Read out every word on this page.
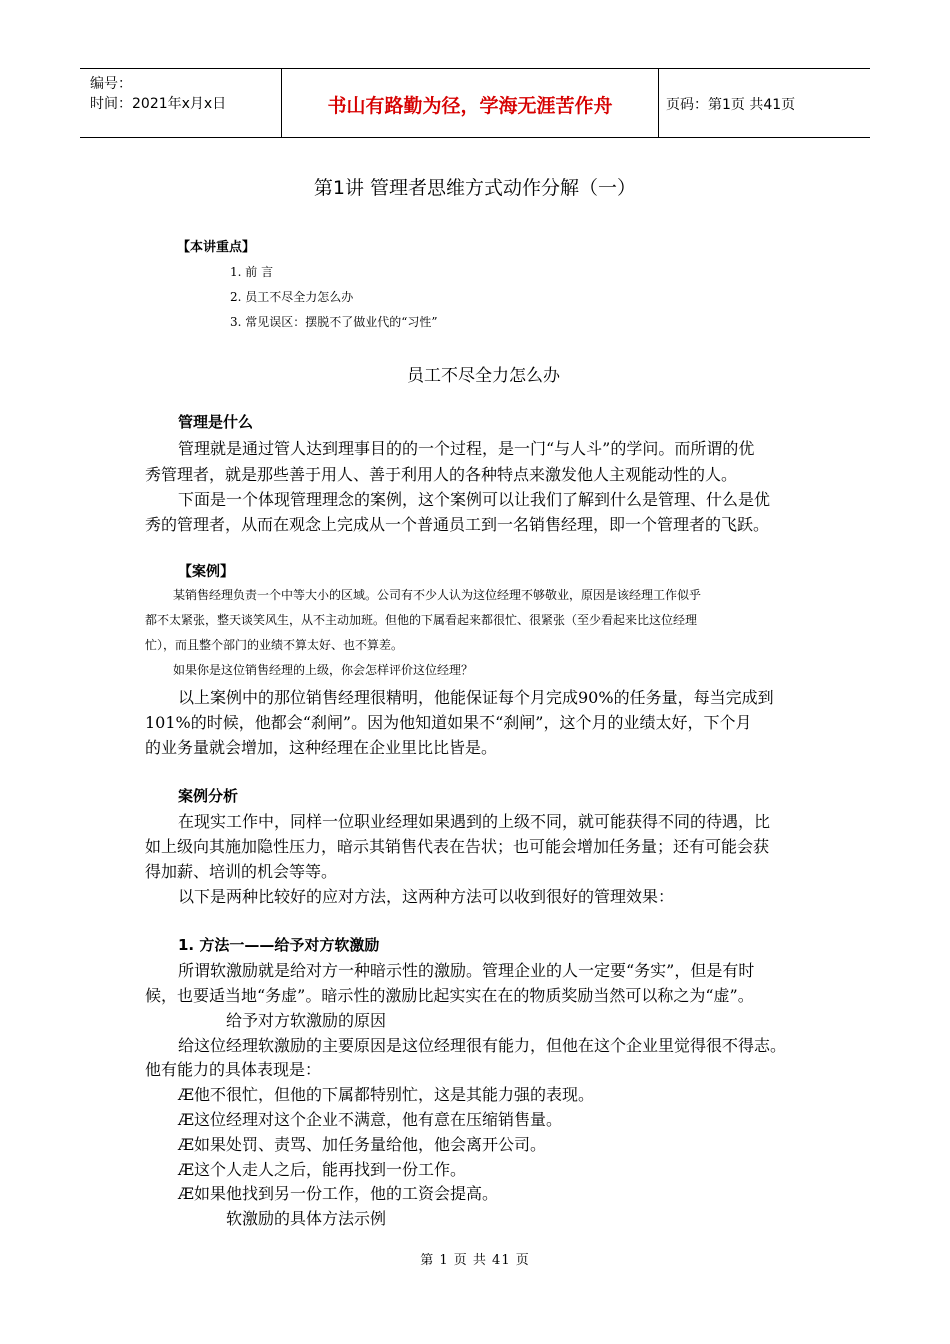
编号：
时间：2021年x月x日	书山有路勤为径，学海无涯苦作舟	页码：第1页 共41页
第1讲 管理者思维方式动作分解（一）
【本讲重点】
1. 前 言
2. 员工不尽全力怎么办
3. 常见误区：摆脱不了做业代的“习性”
员工不尽全力怎么办
管理是什么
管理就是通过管人达到理事目的的一个过程，是一门“与人斗”的学问。而所谓的优
秀管理者，就是那些善于用人、善于利用人的各种特点来激发他人主观能动性的人。
下面是一个体现管理理念的案例，这个案例可以让我们了解到什么是管理、什么是优
秀的管理者，从而在观念上完成从一个普通员工到一名销售经理，即一个管理者的飞跃。
【案例】
某销售经理负责一个中等大小的区域。公司有不少人认为这位经理不够敬业，原因是该经理工作似乎
都不太紧张，整天谈笑风生，从不主动加班。但他的下属看起来都很忙、很紧张（至少看起来比这位经理
忙），而且整个部门的业绩不算太好、也不算差。
如果你是这位销售经理的上级，你会怎样评价这位经理？
以上案例中的那位销售经理很精明，他能保证每个月完成90%的任务量，每当完成到
101%的时候，他都会“刹闸”。因为他知道如果不“刹闸”，这个月的业绩太好，下个月
的业务量就会增加，这种经理在企业里比比皆是。
案例分析
在现实工作中，同样一位职业经理如果遇到的上级不同，就可能获得不同的待遇，比
如上级向其施加隐性压力，暗示其销售代表在告状；也可能会增加任务量；还有可能会获
得加薪、培训的机会等等。
以下是两种比较好的应对方法，这两种方法可以收到很好的管理效果：
1. 方法一——给予对方软激励
所谓软激励就是给对方一种暗示性的激励。管理企业的人一定要“务实”，但是有时
候，也要适当地“务虚”。暗示性的激励比起实实在在的物质奖励当然可以称之为“虚”。
给予对方软激励的原因
给这位经理软激励的主要原因是这位经理很有能力，但他在这个企业里觉得很不得志。
他有能力的具体表现是：
Æ他不很忙，但他的下属都特别忙，这是其能力强的表现。
Æ这位经理对这个企业不满意，他有意在压缩销售量。
Æ如果处罚、责骂、加任务量给他，他会离开公司。
Æ这个人走人之后，能再找到一份工作。
Æ如果他找到另一份工作，他的工资会提高。
软激励的具体方法示例
第 1 页 共 41 页
